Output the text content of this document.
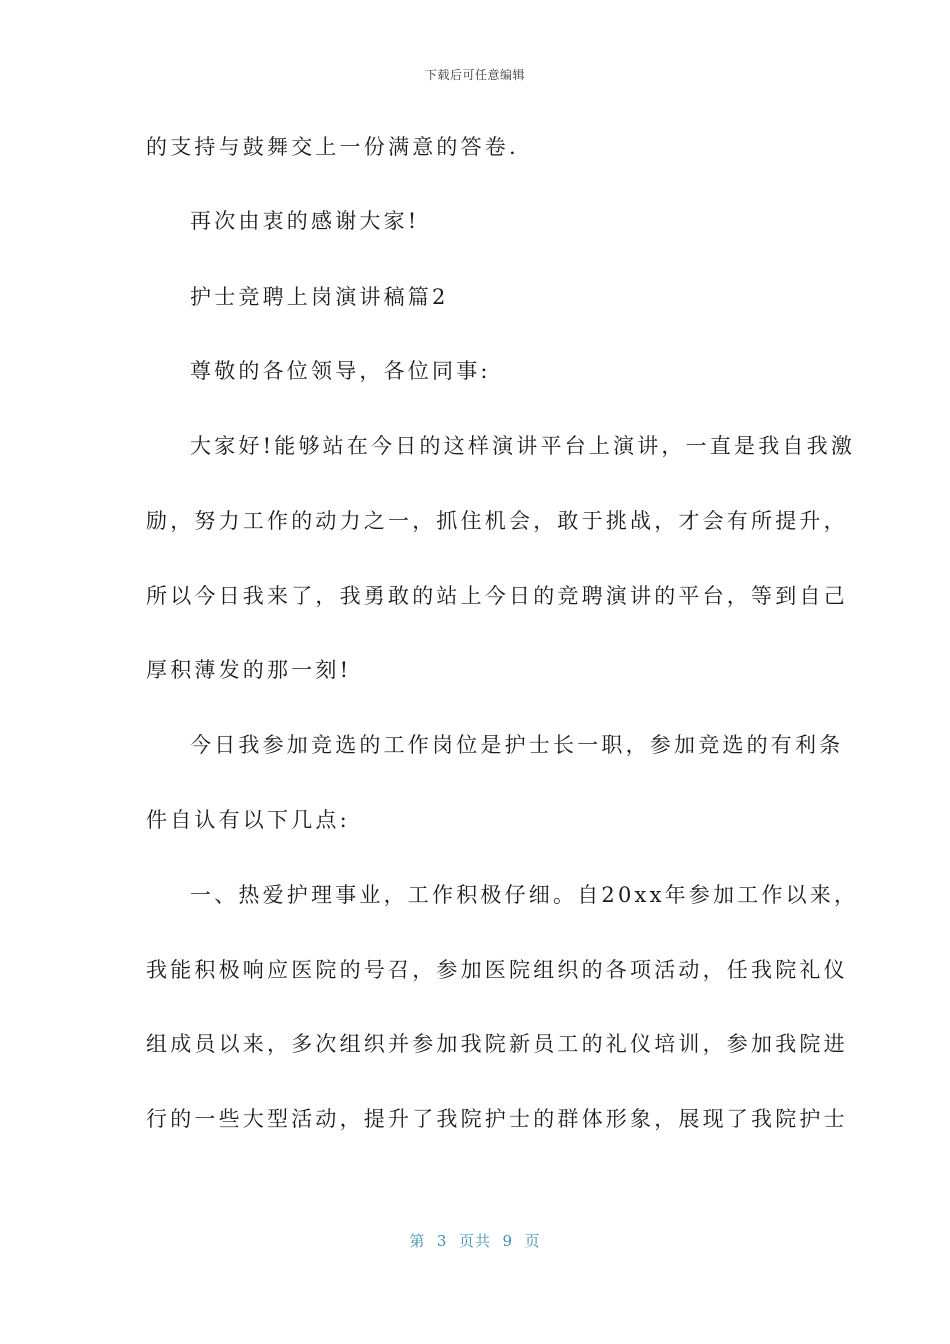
下载后可任意编辑
的支持与鼓舞交上一份满意的答卷.
再次由衷的感谢大家!
护士竞聘上岗演讲稿篇2
尊敬的各位领导，各位同事:
大家好!能够站在今日的这样演讲平台上演讲，一直是我自我激
励，努力工作的动力之一，抓住机会，敢于挑战，才会有所提升，
所以今日我来了，我勇敢的站上今日的竞聘演讲的平台，等到自己
厚积薄发的那一刻!
今日我参加竞选的工作岗位是护士长一职，参加竞选的有利条
件自认有以下几点:
一、热爱护理事业，工作积极仔细。自20xx年参加工作以来，
我能积极响应医院的号召，参加医院组织的各项活动，任我院礼仪
组成员以来，多次组织并参加我院新员工的礼仪培训，参加我院进
行的一些大型活动，提升了我院护士的群体形象，展现了我院护士
第  3  页共  9  页
